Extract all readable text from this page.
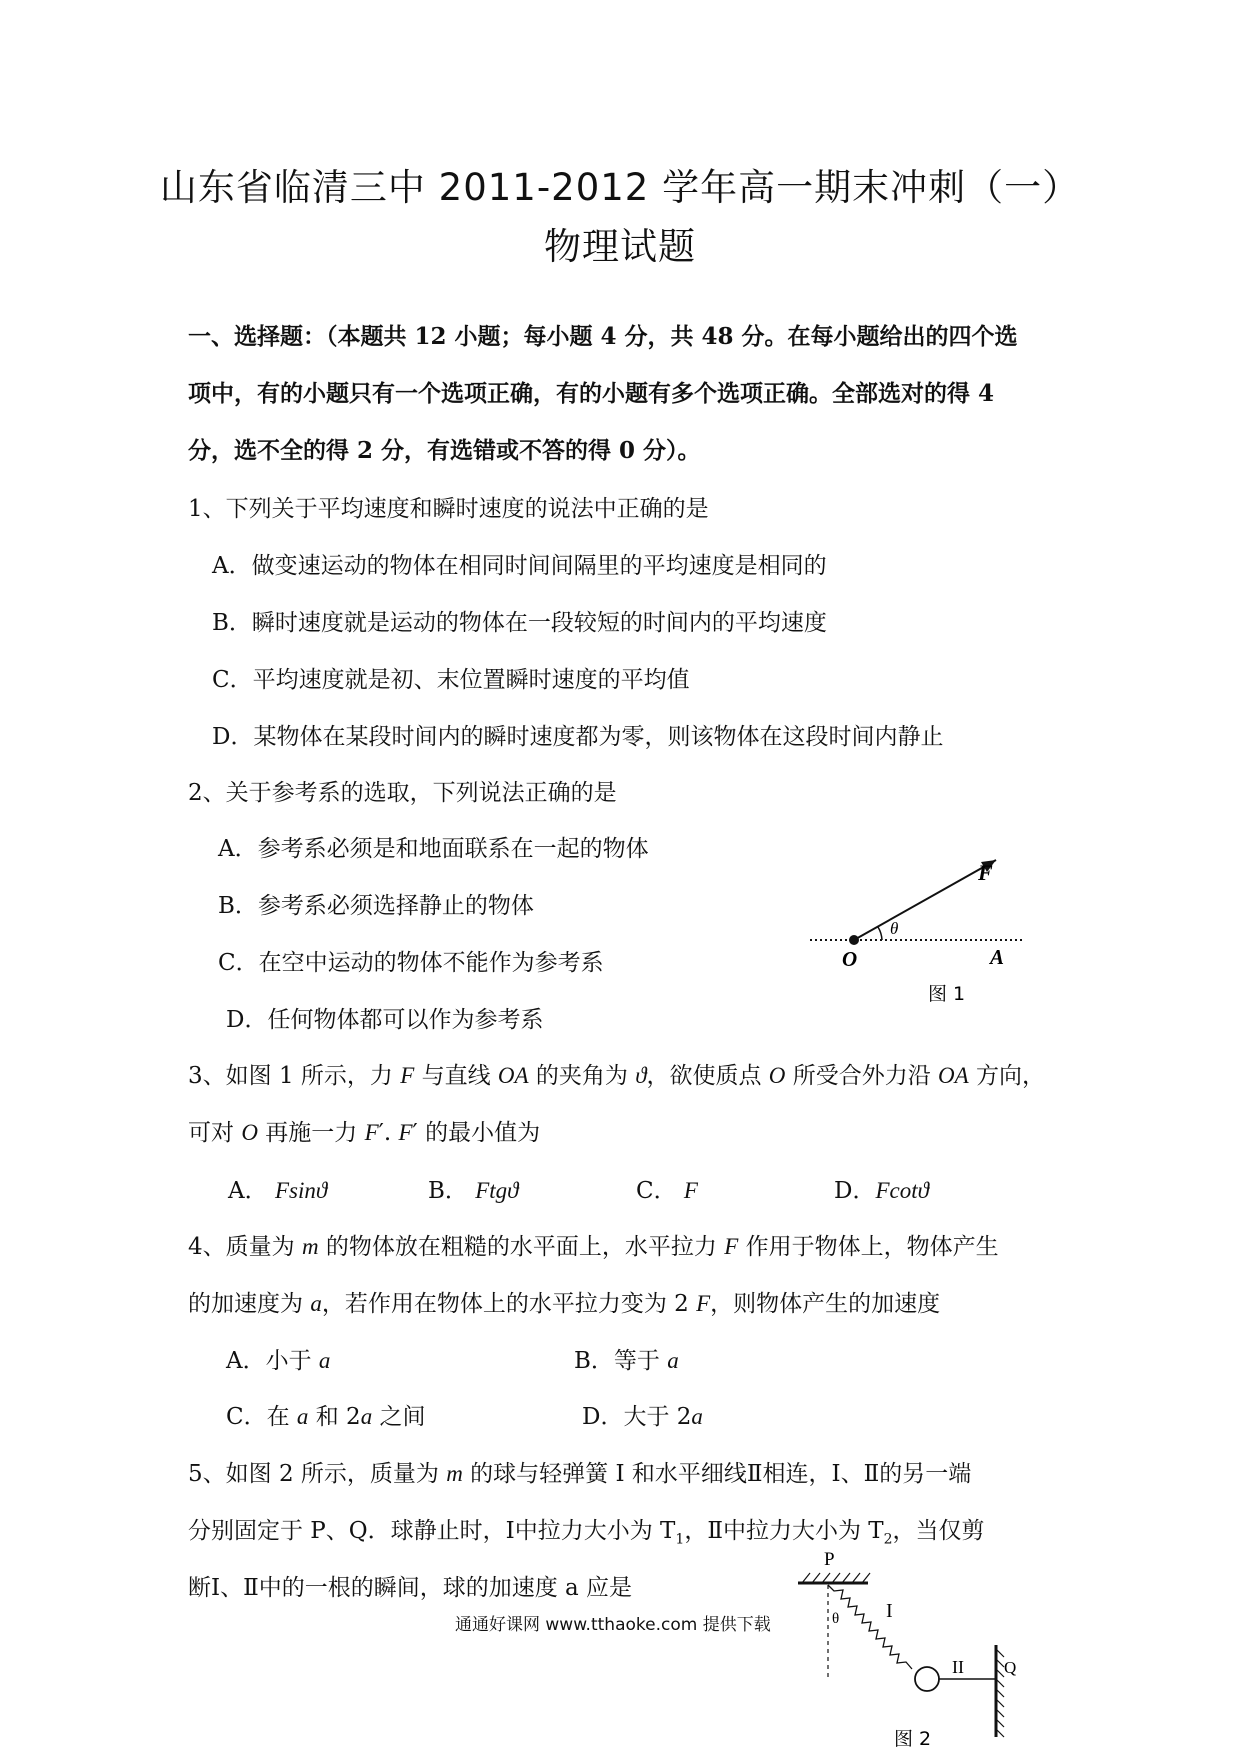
山东省临清三中 2011-2012 学年高一期末冲刺（一）
物理试题
一、选择题：（本题共 12 小题；每小题 4 分，共 48 分。在每小题给出的四个选
项中，有的小题只有一个选项正确，有的小题有多个选项正确。全部选对的得 4
分，选不全的得 2 分，有选错或不答的得 0 分）。
1、下列关于平均速度和瞬时速度的说法中正确的是
A．做变速运动的物体在相同时间间隔里的平均速度是相同的
B．瞬时速度就是运动的物体在一段较短的时间内的平均速度
C．平均速度就是初、末位置瞬时速度的平均值
D．某物体在某段时间内的瞬时速度都为零，则该物体在这段时间内静止
2、关于参考系的选取，下列说法正确的是
A．参考系必须是和地面联系在一起的物体
B．参考系必须选择静止的物体
C．在空中运动的物体不能作为参考系
D．任何物体都可以作为参考系
F
θ
O	A
图 1
3、如图 1 所示，力 F 与直线 OA 的夹角为 ϑ，欲使质点 O 所受合外力沿 OA 方向，
可对 O 再施一力 F′. F′ 的最小值为
A． Fsinϑ	B． Ftgϑ	C． F	D．Fcotϑ
4、质量为 m 的物体放在粗糙的水平面上，水平拉力 F 作用于物体上，物体产生
的加速度为 a，若作用在物体上的水平拉力变为 2 F，则物体产生的加速度
A．小于 a	B．等于 a
C．在 a 和 2a 之间	D．大于 2a
5、如图 2 所示，质量为 m 的球与轻弹簧 Ⅰ 和水平细线Ⅱ相连，Ⅰ、Ⅱ的另一端
分别固定于 P、Q．球静止时，Ⅰ中拉力大小为 $T_1$，Ⅱ中拉力大小为 $T_2$，当仅剪
断Ⅰ、Ⅱ中的一根的瞬间，球的加速度 a 应是
P
θ I
II Q
图 2
通通好课网 www.tthaoke.com 提供下载
